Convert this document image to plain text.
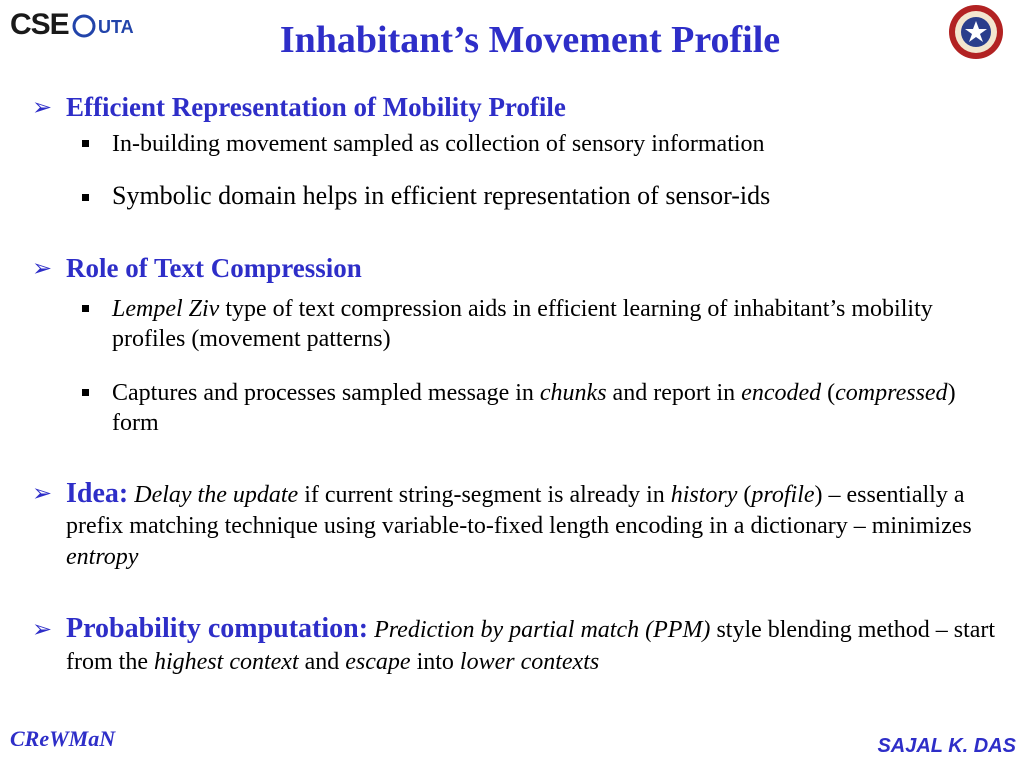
CSE UTA	Inhabitant’s Movement Profile
➢ Efficient Representation of Mobility Profile
In-building movement sampled as collection of sensory information
Symbolic domain helps in efficient representation of sensor-ids
➢ Role of Text Compression
Lempel Ziv type of text compression aids in efficient learning of inhabitant’s mobility profiles (movement patterns)
Captures and processes sampled message in chunks and report in encoded (compressed) form
➢ Idea: Delay the update if current string-segment is already in history (profile) – essentially a prefix matching technique using variable-to-fixed length encoding in a dictionary – minimizes entropy
➢ Probability computation: Prediction by partial match (PPM) style blending method – start from the highest context and escape into lower contexts
CReWMaN	SAJAL K. DAS
